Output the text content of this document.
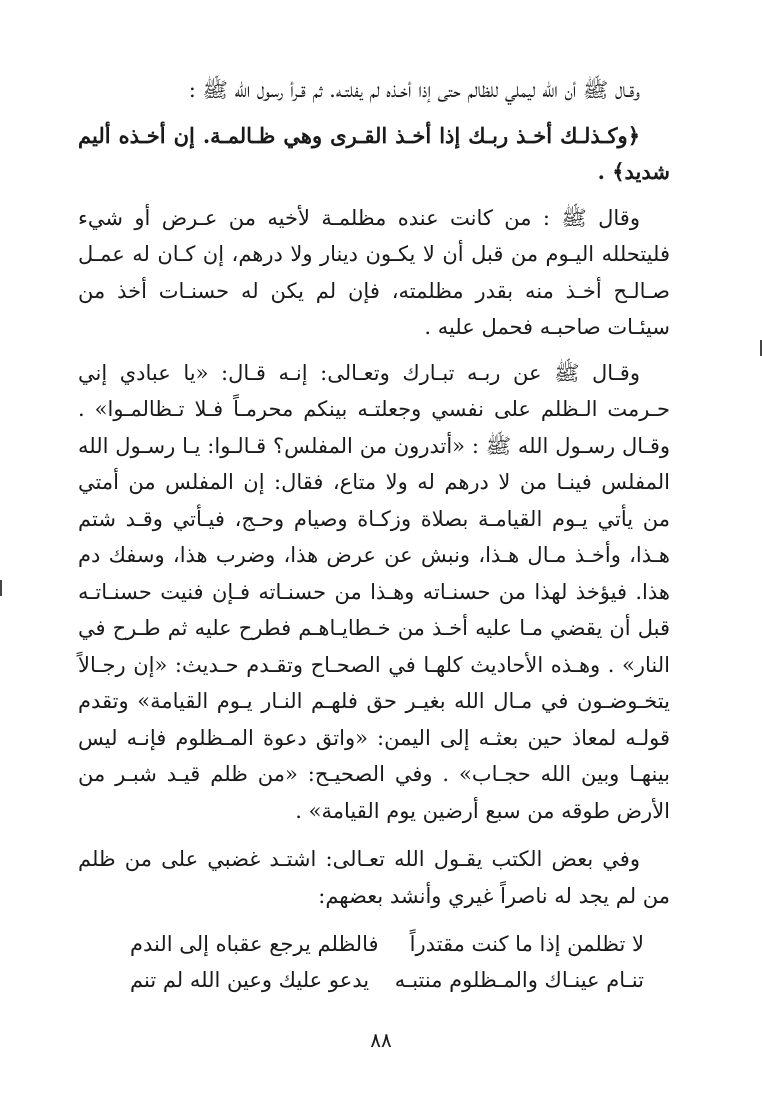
وقـال ﷺ أن الله ليملي للظالم حتى إذا أخـذه لم يفلتـه. ثم قـرأ رسول الله ﷺ :

﴿وكـذلـك أخـذ ربـك إذا أخـذ القـرى وهي ظـالمـة. إن أخـذه أليم شديد﴾ .

وقال ﷺ : من كانت عنده مظلمـة لأخيه من عـرض أو شيء فليتحلله اليـوم من قبل أن لا يكـون دينار ولا درهم، إن كـان له عمـل صـالـح أخـذ منه بقدر مظلمته، فإن لم يكن له حسنـات أخذ من سيئـات صاحبـه فحمل عليه .

وقـال ﷺ عن ربـه تبـارك وتعـالى: إنـه قـال: «يا عبادي إني حـرمت الـظلم على نفسي وجعلتـه بينكم محرمـاً فـلا تـظالمـوا» . وقـال رسـول الله ﷺ : «أتدرون من المفلس؟ قـالـوا: يـا رسـول الله المفلس فينـا من لا درهم له ولا متاع، فقال: إن المفلس من أمتي من يأتي يـوم القيامـة بصلاة وزكـاة وصيام وحـج، فيـأتي وقـد شتم هـذا، وأخـذ مـال هـذا، ونبش عن عرض هذا، وضرب هذا، وسفك دم هذا. فيؤخذ لهذا من حسنـاته وهـذا من حسنـاته فـإن فنيت حسنـاتـه قبل أن يقضي مـا عليه أخـذ من خـطايـاهـم فطرح عليه ثم طـرح في النار» . وهـذه الأحاديث كلهـا في الصحـاح وتقـدم حـديث: «إن رجـالاً يتخـوضـون في مـال الله بغيـر حق فلهـم النـار يـوم القيامة» وتقدم قولـه لمعاذ حين بعثـه إلى اليمن: «واتق دعوة المـظلوم فإنـه ليس بينهـا وبين الله حجـاب» . وفي الصحيـح: «من ظلم قيـد شبـر من الأرض طوقه من سبع أرضين يوم القيامة» .

وفي بعض الكتب يقـول الله تعـالى: اشتـد غضبي على من ظلم من لم يجد له ناصراً غيري وأنشد بعضهم:

لا تظلمن إذا ما كنت مقتدراً
فالظلم يرجع عقباه إلى الندم
تنـام عينـاك والمـظلوم منتبـه
يدعو عليك وعين الله لم تنم
٨٨
